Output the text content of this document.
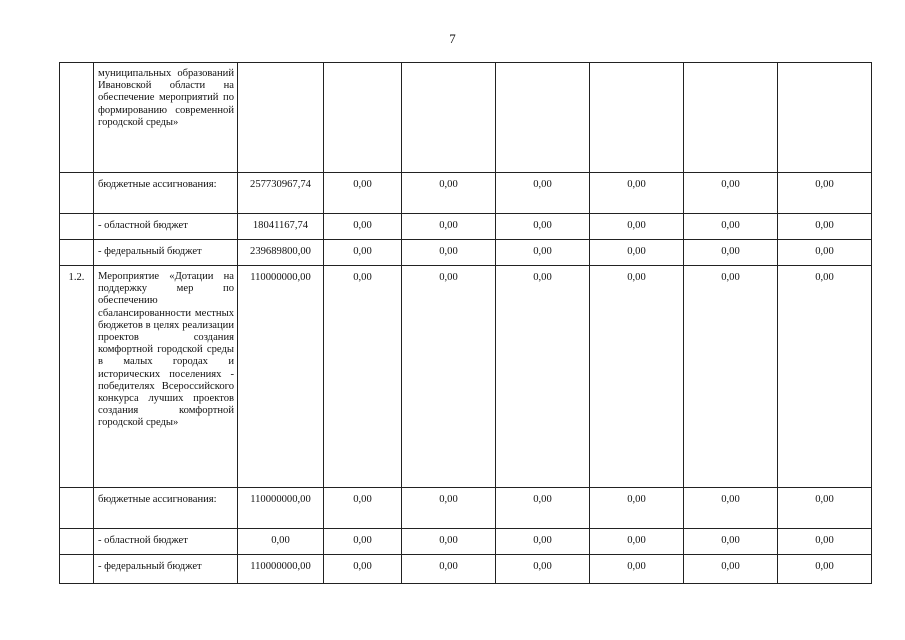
7
	муниципальных образований Ивановской области на обеспечение мероприятий по формированию современной городской среды»							
	бюджетные ассигнования:	257730967,74	0,00	0,00	0,00	0,00	0,00	0,00
	- областной бюджет	18041167,74	0,00	0,00	0,00	0,00	0,00	0,00
	- федеральный бюджет	239689800,00	0,00	0,00	0,00	0,00	0,00	0,00
1.2.	Мероприятие «Дотации на поддержку мер по обеспечению сбалансированности местных бюджетов в целях реализации проектов создания комфортной городской среды в малых городах и исторических поселениях - победителях Всероссийского конкурса лучших проектов создания комфортной городской среды»	110000000,00	0,00	0,00	0,00	0,00	0,00	0,00
	бюджетные ассигнования:	110000000,00	0,00	0,00	0,00	0,00	0,00	0,00
	- областной бюджет	0,00	0,00	0,00	0,00	0,00	0,00	0,00
	- федеральный бюджет	110000000,00	0,00	0,00	0,00	0,00	0,00	0,00
